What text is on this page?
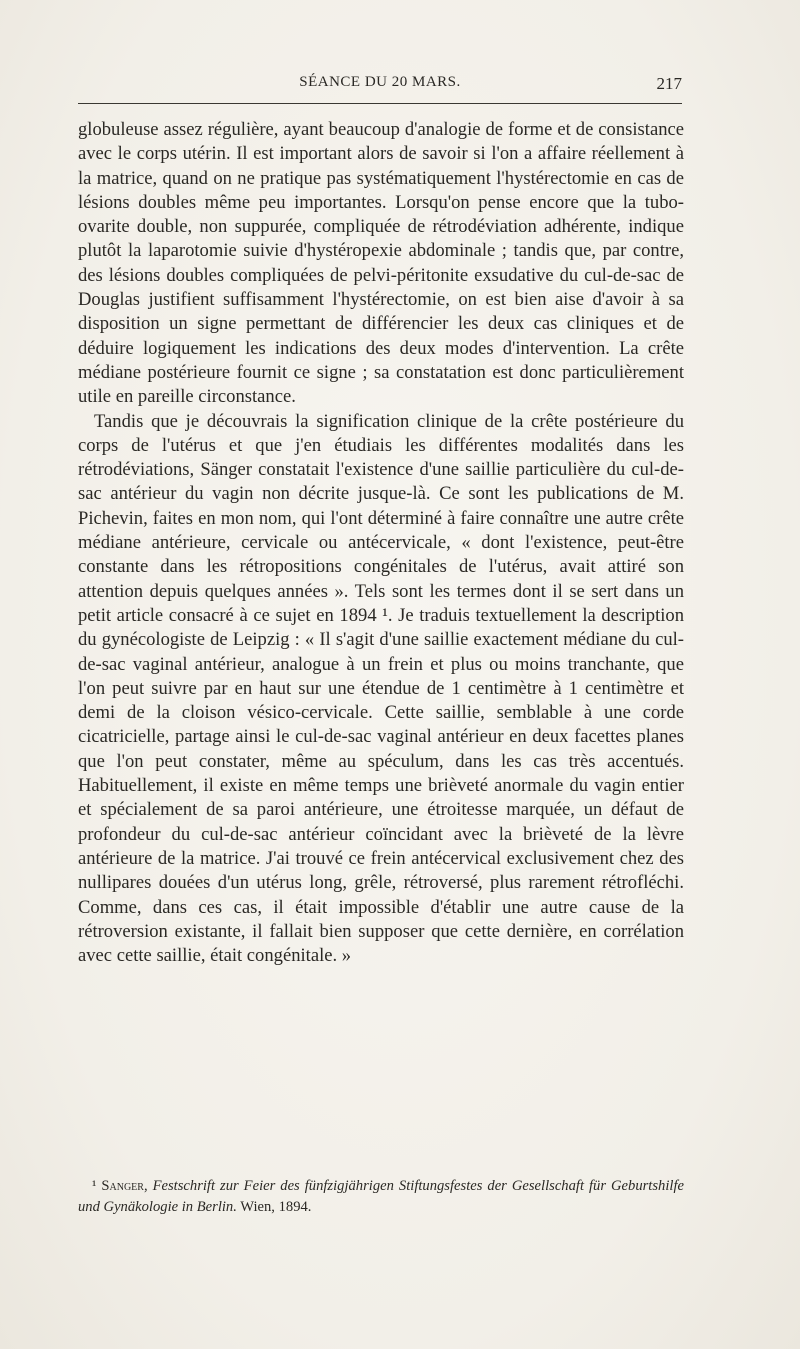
SÉANCE DU 20 MARS.	217

globuleuse assez régulière, ayant beaucoup d'analogie de forme et de consistance avec le corps utérin. Il est important alors de savoir si l'on a affaire réellement à la matrice, quand on ne pratique pas systématiquement l'hystérectomie en cas de lésions doubles même peu importantes. Lorsqu'on pense encore que la tubo-ovarite double, non suppurée, compliquée de rétrodéviation adhérente, indique plutôt la laparotomie suivie d'hystéropexie abdominale ; tandis que, par contre, des lésions doubles compliquées de pelvi-péritonite exsudative du cul-de-sac de Douglas justifient suffisamment l'hystérectomie, on est bien aise d'avoir à sa disposition un signe permettant de différencier les deux cas cliniques et de déduire logiquement les indications des deux modes d'intervention. La crête médiane postérieure fournit ce signe ; sa constatation est donc particulièrement utile en pareille circonstance.

Tandis que je découvrais la signification clinique de la crête postérieure du corps de l'utérus et que j'en étudiais les différentes modalités dans les rétrodéviations, Sänger constatait l'existence d'une saillie particulière du cul-de-sac antérieur du vagin non décrite jusque-là. Ce sont les publications de M. Pichevin, faites en mon nom, qui l'ont déterminé à faire connaître une autre crête médiane antérieure, cervicale ou antécervicale, « dont l'existence, peut-être constante dans les rétropositions congénitales de l'utérus, avait attiré son attention depuis quelques années ». Tels sont les termes dont il se sert dans un petit article consacré à ce sujet en 1894 ¹. Je traduis textuellement la description du gynécologiste de Leipzig : « Il s'agit d'une saillie exactement médiane du cul-de-sac vaginal antérieur, analogue à un frein et plus ou moins tranchante, que l'on peut suivre par en haut sur une étendue de 1 centimètre à 1 centimètre et demi de la cloison vésico-cervicale. Cette saillie, semblable à une corde cicatricielle, partage ainsi le cul-de-sac vaginal antérieur en deux facettes planes que l'on peut constater, même au spéculum, dans les cas très accentués. Habituellement, il existe en même temps une brièveté anormale du vagin entier et spécialement de sa paroi antérieure, une étroitesse marquée, un défaut de profondeur du cul-de-sac antérieur coïncidant avec la brièveté de la lèvre antérieure de la matrice. J'ai trouvé ce frein antécervical exclusivement chez des nullipares douées d'un utérus long, grêle, rétroversé, plus rarement rétrofléchi. Comme, dans ces cas, il était impossible d'établir une autre cause de la rétroversion existante, il fallait bien supposer que cette dernière, en corrélation avec cette saillie, était congénitale. »

¹ Sanger, Festschrift zur Feier des fünfzigjährigen Stiftungsfestes der Gesellschaft für Geburtshilfe und Gynäkologie in Berlin. Wien, 1894.
